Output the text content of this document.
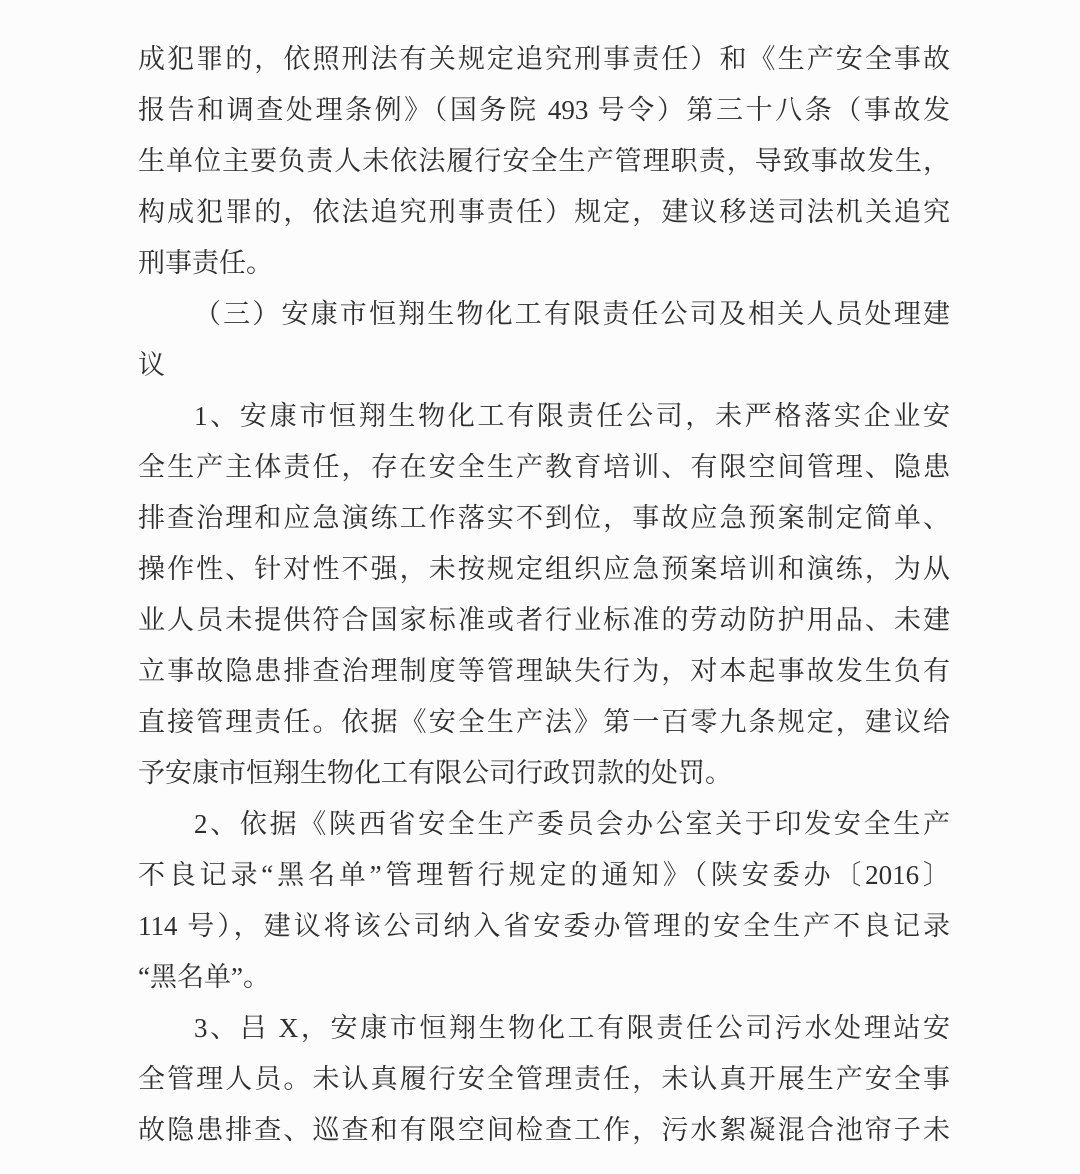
成犯罪的，依照刑法有关规定追究刑事责任）和《生产安全事故
报告和调查处理条例》（国务院 493 号令）第三十八条（事故发
生单位主要负责人未依法履行安全生产管理职责，导致事故发生，
构成犯罪的，依法追究刑事责任）规定，建议移送司法机关追究
刑事责任。
（三）安康市恒翔生物化工有限责任公司及相关人员处理建
议
1、安康市恒翔生物化工有限责任公司，未严格落实企业安
全生产主体责任，存在安全生产教育培训、有限空间管理、隐患
排查治理和应急演练工作落实不到位，事故应急预案制定简单、
操作性、针对性不强，未按规定组织应急预案培训和演练，为从
业人员未提供符合国家标准或者行业标准的劳动防护用品、未建
立事故隐患排查治理制度等管理缺失行为，对本起事故发生负有
直接管理责任。依据《安全生产法》第一百零九条规定，建议给
予安康市恒翔生物化工有限公司行政罚款的处罚。
2、依据《陕西省安全生产委员会办公室关于印发安全生产
不良记录“黑名单”管理暂行规定的通知》（陕安委办〔2016〕
114 号），建议将该公司纳入省安委办管理的安全生产不良记录
“黑名单”。
3、吕 X，安康市恒翔生物化工有限责任公司污水处理站安
全管理人员。未认真履行安全管理责任，未认真开展生产安全事
故隐患排查、巡查和有限空间检查工作，污水絮凝混合池帘子未
